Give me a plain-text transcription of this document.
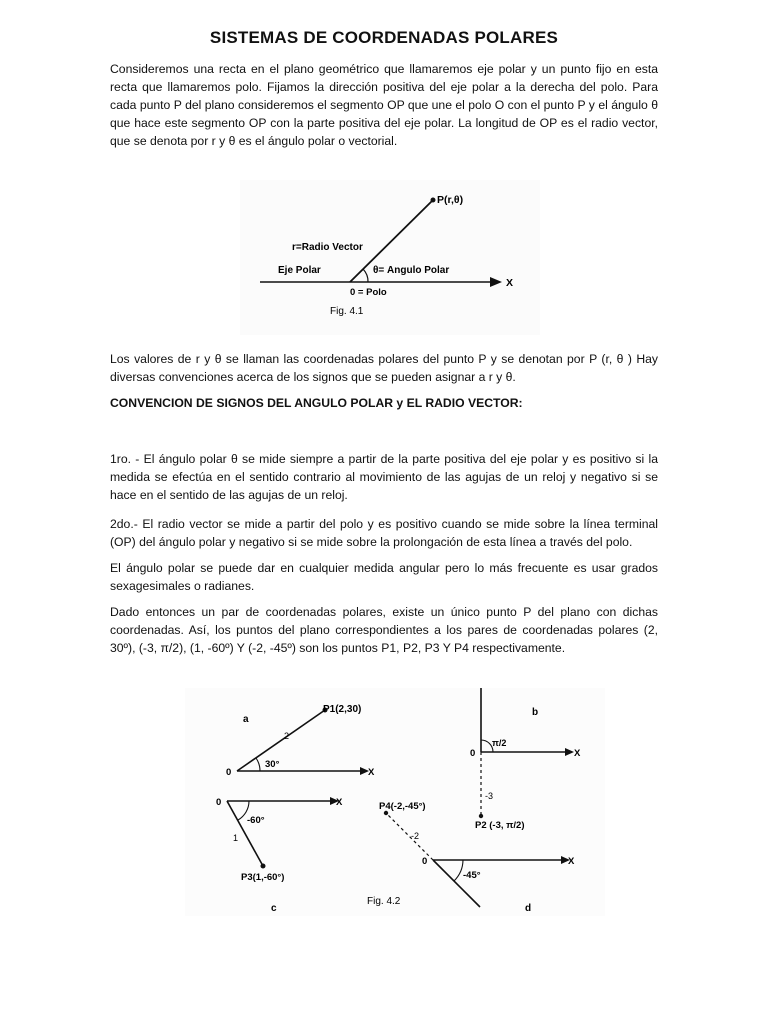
SISTEMAS DE COORDENADAS POLARES
Consideremos una recta en el plano geométrico que llamaremos eje polar y un punto fijo en esta recta que llamaremos polo. Fijamos la dirección positiva del eje polar a la derecha del polo. Para cada punto P del plano consideremos el segmento OP que une el polo O con el punto P y el ángulo θ que hace este segmento OP con la parte positiva del eje polar. La longitud de OP es el radio vector, que se denota por r y θ es el ángulo polar o vectorial.
P(r,θ)
r=Radio Vector
Eje Polar	θ= Angulo Polar
0 = Polo
X
Fig. 4.1
Los valores de r y θ se llaman las coordenadas polares del punto P y se denotan por P (r, θ ) Hay diversas convenciones acerca de los signos que se pueden asignar a r y θ.
CONVENCION DE SIGNOS DEL ANGULO POLAR y EL RADIO VECTOR:
1ro. - El ángulo polar θ se mide siempre a partir de la parte positiva del eje polar y es positivo si la medida se efectúa en el sentido contrario al movimiento de las agujas de un reloj y negativo si se hace en el sentido de las agujas de un reloj.
2do.- El radio vector se mide a partir del polo y es positivo cuando se mide sobre la línea terminal (OP) del ángulo polar y negativo si se mide sobre la prolongación de esta línea a través del polo.
El ángulo polar se puede dar en cualquier medida angular pero lo más frecuente es usar grados sexagesimales o radianes.
Dado entonces un par de coordenadas polares, existe un único punto P del plano con dichas coordenadas. Así, los puntos del plano correspondientes a los pares de coordenadas polares (2, 30º), (-3, π/2), (1, -60º) Y (-2, -45º) son los puntos P1, P2, P3 Y P4 respectivamente.
a
P1(2,30)
2
30°
0	X
b
π/2
0	X
-3
P2 (-3, π/2)
0	X
-60°
1
P3(1,-60°)
c
P4(-2,-45°)
-2
0	X
-45°
d
Fig. 4.2
